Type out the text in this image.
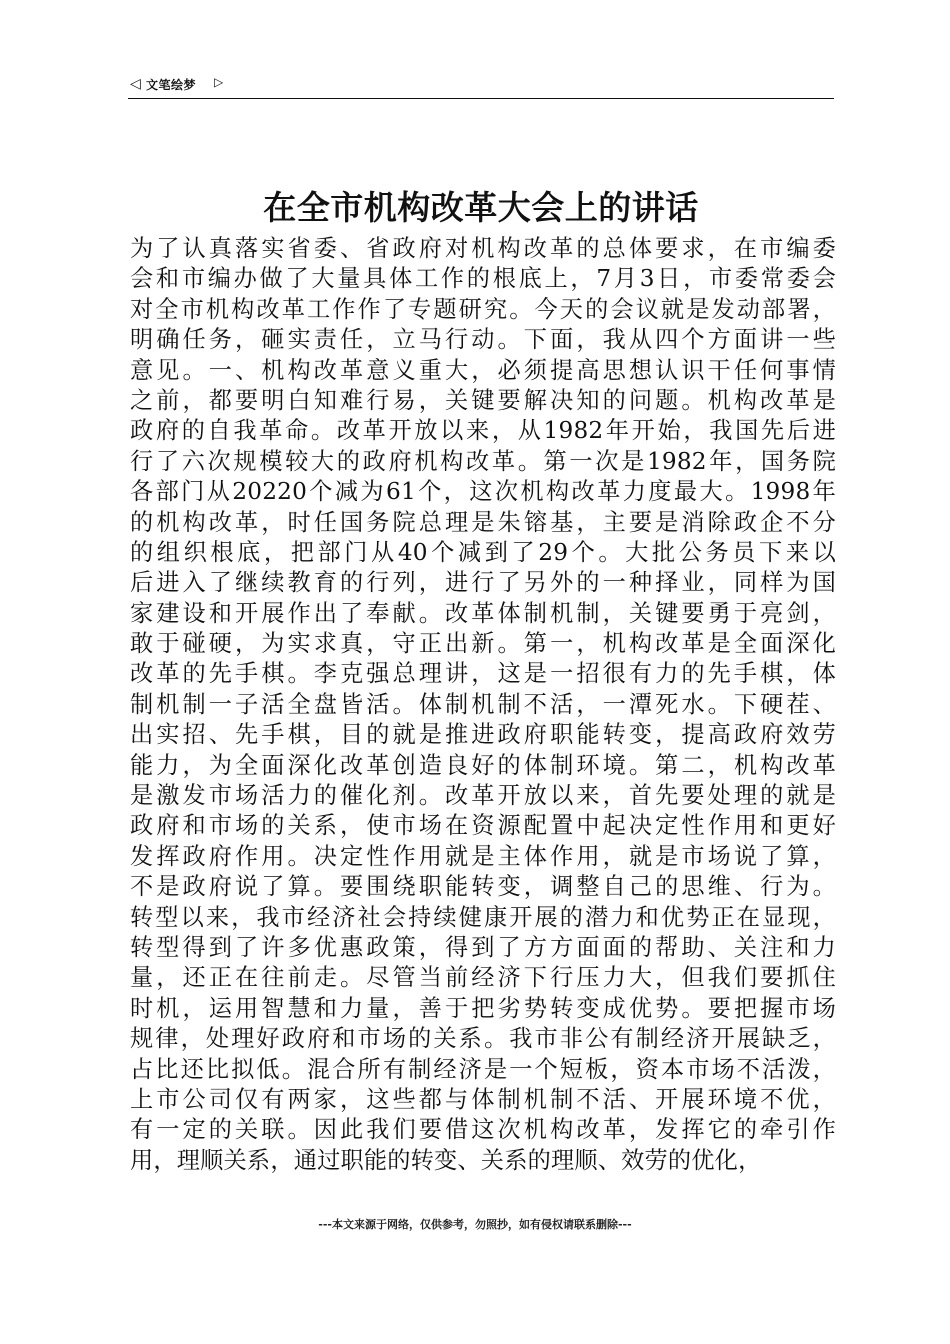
◁ 文笔绘梦 ▷
在全市机构改革大会上的讲话
为了认真落实省委、省政府对机构改革的总体要求，在市编委
会和市编办做了大量具体工作的根底上，7月3日，市委常委会
对全市机构改革工作作了专题研究。今天的会议就是发动部署，
明确任务，砸实责任，立马行动。下面，我从四个方面讲一些
意见。一、机构改革意义重大，必须提高思想认识干任何事情
之前，都要明白知难行易，关键要解决知的问题。机构改革是
政府的自我革命。改革开放以来，从1982年开始，我国先后进
行了六次规模较大的政府机构改革。第一次是1982年，国务院
各部门从20220个减为61个，这次机构改革力度最大。1998年
的机构改革，时任国务院总理是朱镕基，主要是消除政企不分
的组织根底，把部门从40个减到了29个。大批公务员下来以
后进入了继续教育的行列，进行了另外的一种择业，同样为国
家建设和开展作出了奉献。改革体制机制，关键要勇于亮剑，
敢于碰硬，为实求真，守正出新。第一，机构改革是全面深化
改革的先手棋。李克强总理讲，这是一招很有力的先手棋，体
制机制一子活全盘皆活。体制机制不活，一潭死水。下硬茬、
出实招、先手棋，目的就是推进政府职能转变，提高政府效劳
能力，为全面深化改革创造良好的体制环境。第二，机构改革
是激发市场活力的催化剂。改革开放以来，首先要处理的就是
政府和市场的关系，使市场在资源配置中起决定性作用和更好
发挥政府作用。决定性作用就是主体作用，就是市场说了算，
不是政府说了算。要围绕职能转变，调整自己的思维、行为。
转型以来，我市经济社会持续健康开展的潜力和优势正在显现，
转型得到了许多优惠政策，得到了方方面面的帮助、关注和力
量，还正在往前走。尽管当前经济下行压力大，但我们要抓住
时机，运用智慧和力量，善于把劣势转变成优势。要把握市场
规律，处理好政府和市场的关系。我市非公有制经济开展缺乏，
占比还比拟低。混合所有制经济是一个短板，资本市场不活泼，
上市公司仅有两家，这些都与体制机制不活、开展环境不优，
有一定的关联。因此我们要借这次机构改革，发挥它的牵引作
用，理顺关系，通过职能的转变、关系的理顺、效劳的优化，
---本文来源于网络，仅供参考，勿照抄，如有侵权请联系删除---
